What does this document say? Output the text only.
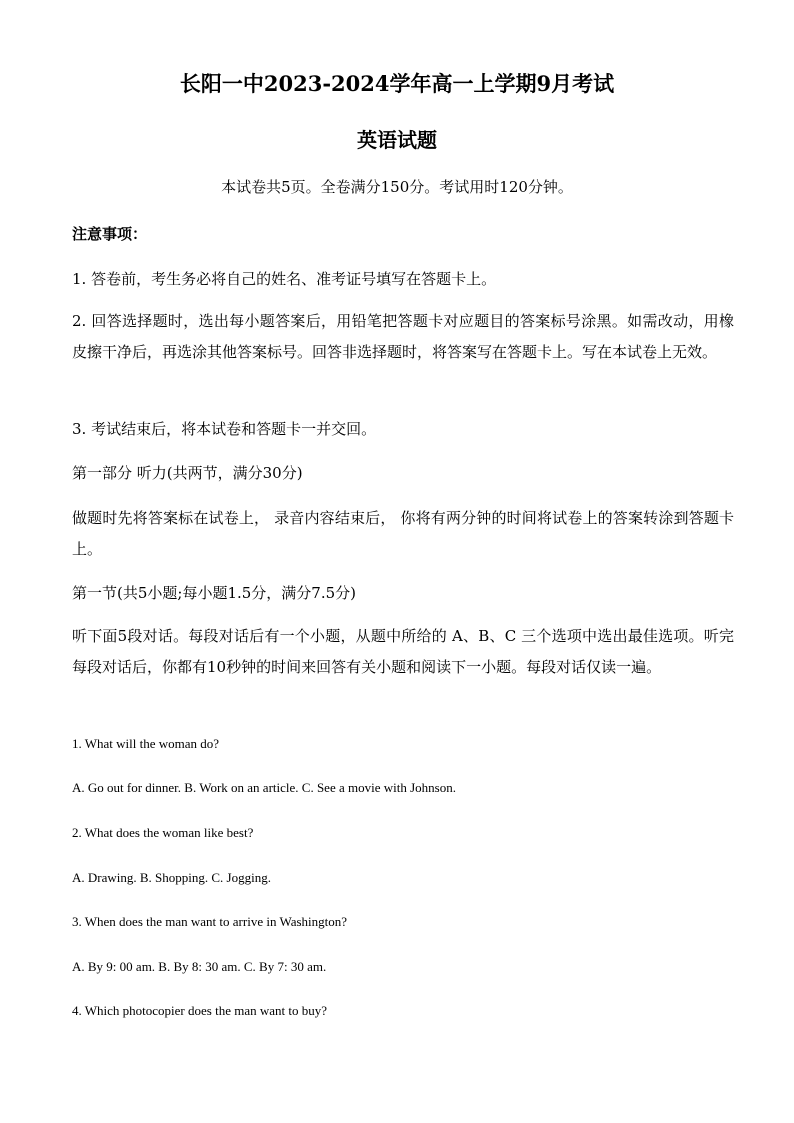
长阳一中2023-2024学年高一上学期9月考试
英语试题
本试卷共5页。全卷满分150分。考试用时120分钟。
注意事项：
1. 答卷前，考生务必将自己的姓名、准考证号填写在答题卡上。
2. 回答选择题时，选出每小题答案后，用铅笔把答题卡对应题目的答案标号涂黑。如需改动，用橡皮擦干净后，再选涂其他答案标号。回答非选择题时，将答案写在答题卡上。写在本试卷上无效。
3. 考试结束后，将本试卷和答题卡一并交回。
第一部分 听力(共两节，满分30分)
做题时先将答案标在试卷上， 录音内容结束后， 你将有两分钟的时间将试卷上的答案转涂到答题卡上。
第一节(共5小题;每小题1.5分，满分7.5分)
听下面5段对话。每段对话后有一个小题，从题中所给的 A、B、C 三个选项中选出最佳选项。听完每段对话后，你都有10秒钟的时间来回答有关小题和阅读下一小题。每段对话仅读一遍。
1. What will the woman do?
A. Go out for dinner. B. Work on an article. C. See a movie with Johnson.
2. What does the woman like best?
A. Drawing. B. Shopping. C. Jogging.
3. When does the man want to arrive in Washington?
A. By 9: 00 am. B. By 8: 30 am. C. By 7: 30 am.
4. Which photocopier does the man want to buy?
